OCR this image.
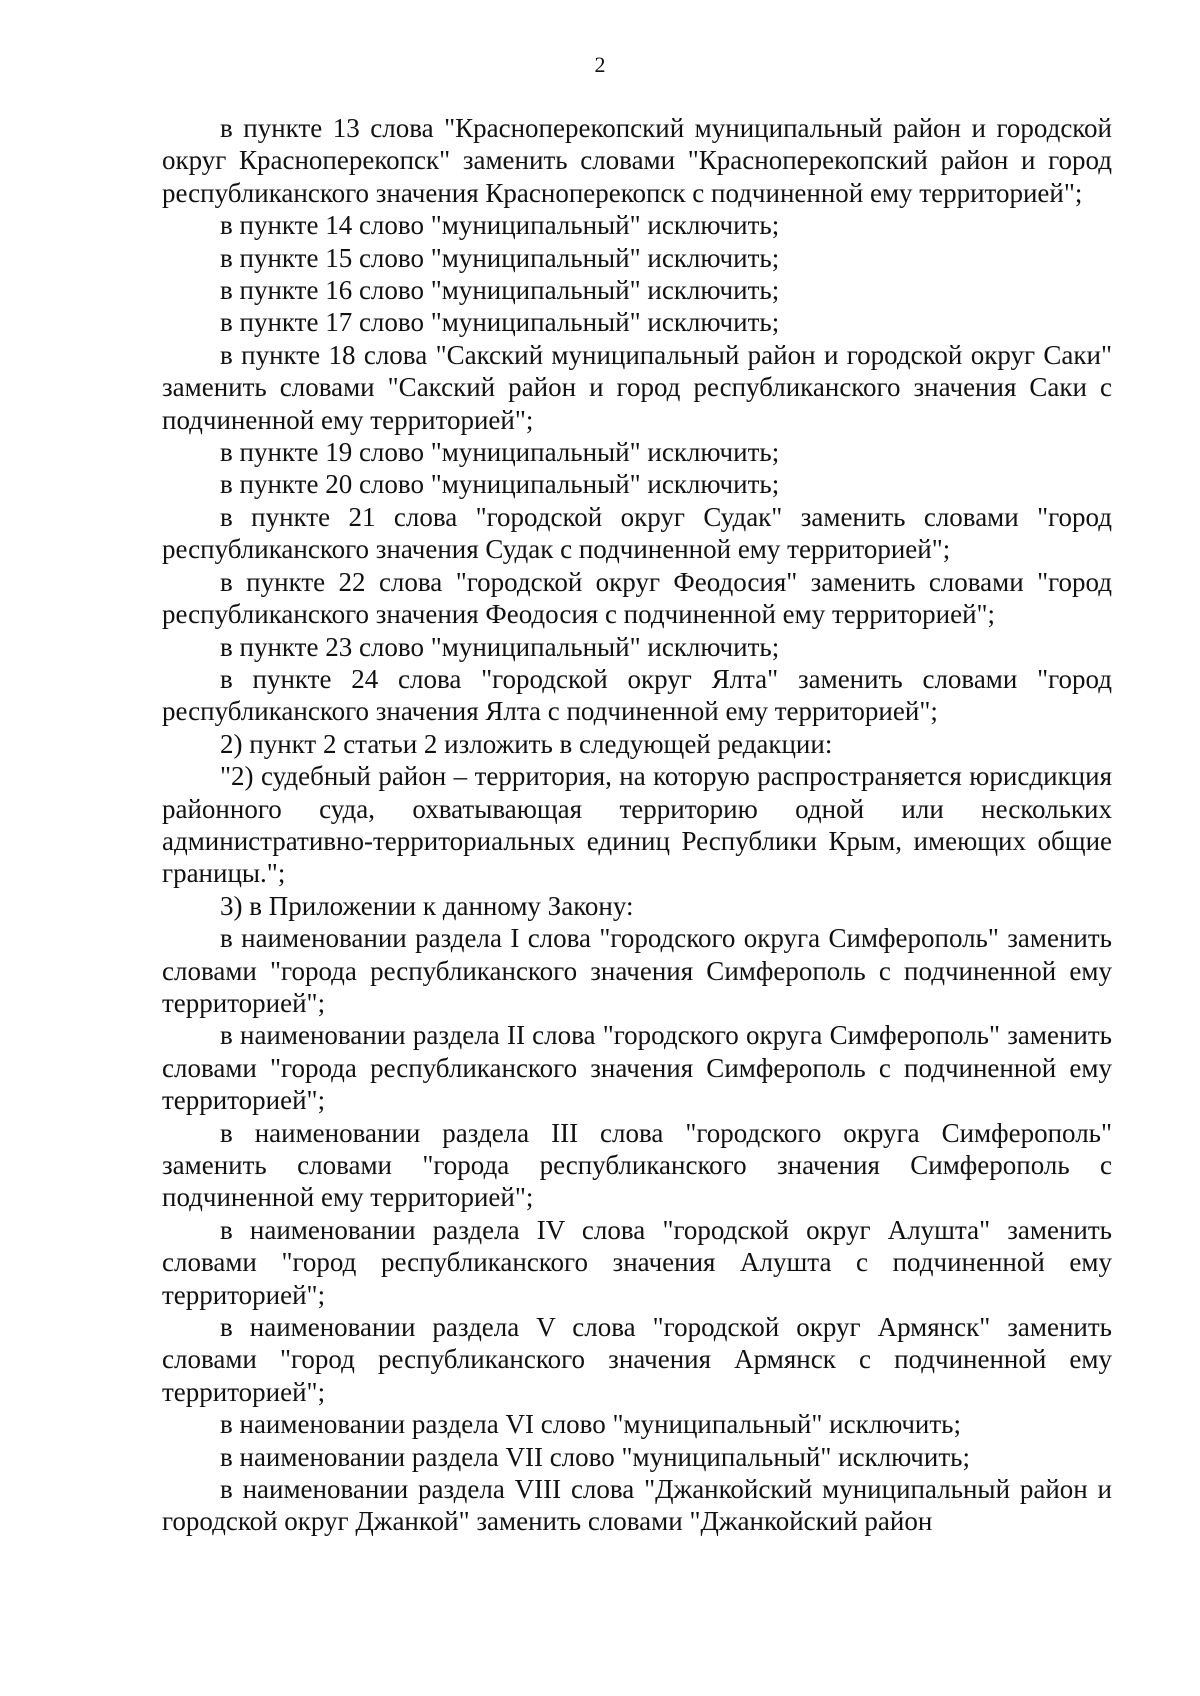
2

в пункте 13 слова "Красноперекопский муниципальный район и городской округ Красноперекопск" заменить словами "Красноперекопский район и город республиканского значения Красноперекопск с подчиненной ему территорией";

в пункте 14 слово "муниципальный" исключить;

в пункте 15 слово "муниципальный" исключить;

в пункте 16 слово "муниципальный" исключить;

в пункте 17 слово "муниципальный" исключить;

в пункте 18 слова "Сакский муниципальный район и городской округ Саки" заменить словами "Сакский район и город республиканского значения Саки с подчиненной ему территорией";

в пункте 19 слово "муниципальный" исключить;

в пункте 20 слово "муниципальный" исключить;

в пункте 21 слова "городской округ Судак" заменить словами "город республиканского значения Судак с подчиненной ему территорией";

в пункте 22 слова "городской округ Феодосия" заменить словами "город республиканского значения Феодосия с подчиненной ему территорией";

в пункте 23 слово "муниципальный" исключить;

в пункте 24 слова "городской округ Ялта" заменить словами "город республиканского значения Ялта с подчиненной ему территорией";

2) пункт 2 статьи 2 изложить в следующей редакции:

"2) судебный район – территория, на которую распространяется юрисдикция районного суда, охватывающая территорию одной или нескольких административно-территориальных единиц Республики Крым, имеющих общие границы.";

3) в Приложении к данному Закону:

в наименовании раздела I слова "городского округа Симферополь" заменить словами "города республиканского значения Симферополь с подчиненной ему территорией";

в наименовании раздела II слова "городского округа Симферополь" заменить словами "города республиканского значения Симферополь с подчиненной ему территорией";

в наименовании раздела III слова "городского округа Симферополь" заменить словами "города республиканского значения Симферополь с подчиненной ему территорией";

в наименовании раздела IV слова "городской округ Алушта" заменить словами "город республиканского значения Алушта с подчиненной ему территорией";

в наименовании раздела V слова "городской округ Армянск" заменить словами "город республиканского значения Армянск с подчиненной ему территорией";

в наименовании раздела VI слово "муниципальный" исключить;

в наименовании раздела VII слово "муниципальный" исключить;

в наименовании раздела VIII слова "Джанкойский муниципальный район и городской округ Джанкой" заменить словами "Джанкойский район
